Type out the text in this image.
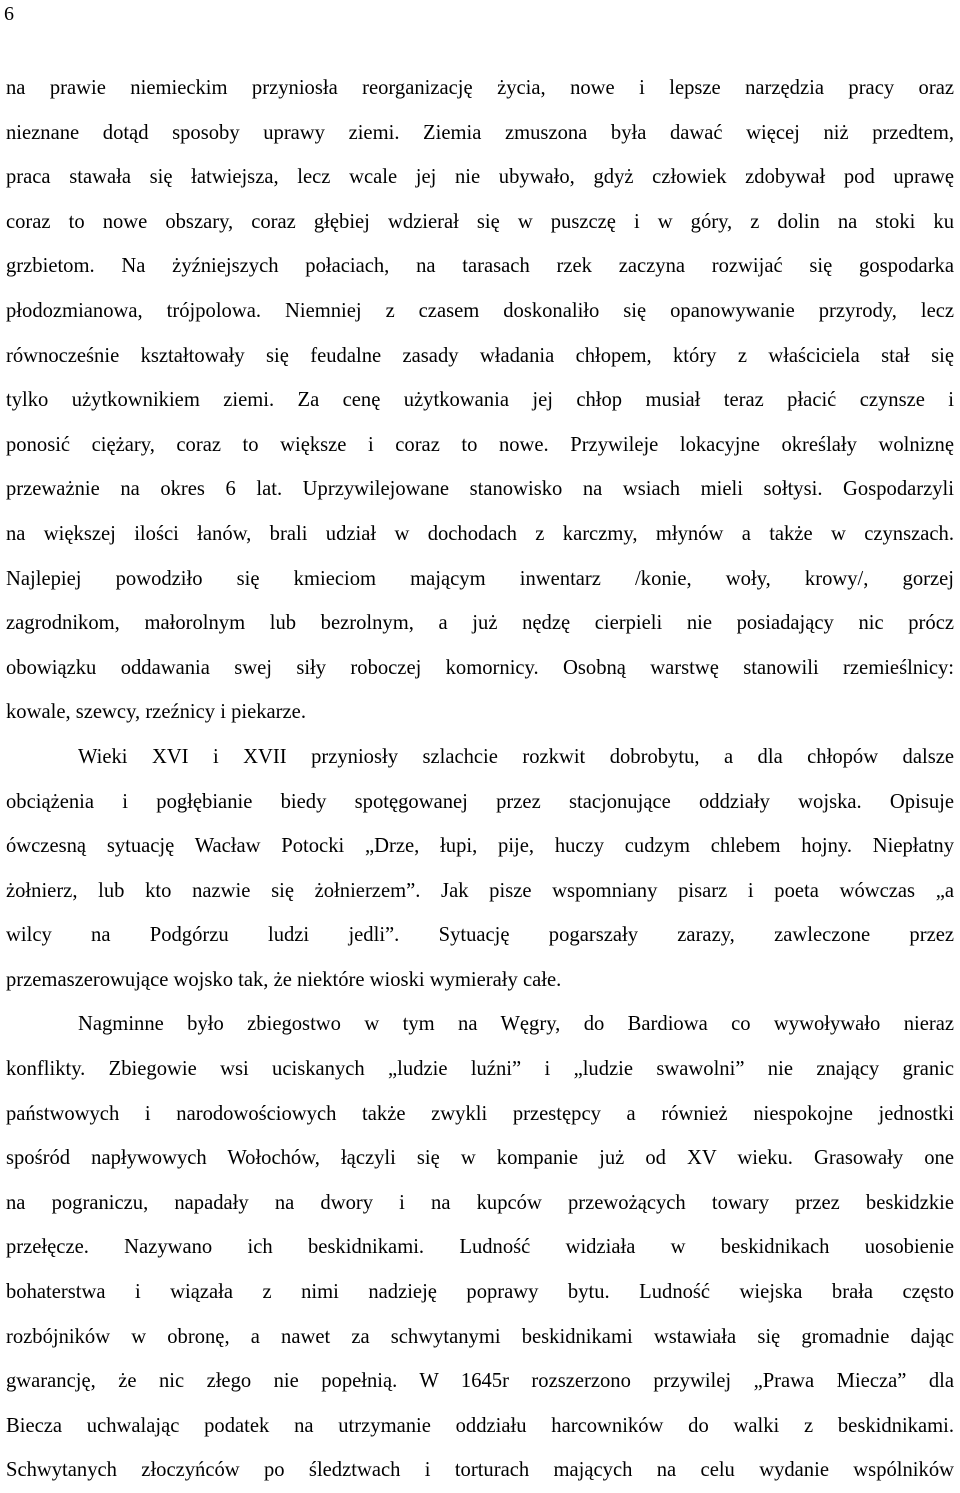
6
na prawie niemieckim przyniosła reorganizację życia, nowe i lepsze narzędzia pracy oraz
nieznane dotąd sposoby uprawy ziemi. Ziemia zmuszona była dawać więcej niż przedtem,
praca stawała się łatwiejsza, lecz wcale jej nie ubywało, gdyż człowiek zdobywał pod uprawę
coraz to nowe obszary, coraz głębiej wdzierał się w puszczę i w góry, z dolin na stoki ku
grzbietom. Na żyźniejszych połaciach, na tarasach rzek zaczyna rozwijać się gospodarka
płodozmianowa, trójpolowa. Niemniej z czasem doskonaliło się opanowywanie przyrody, lecz
równocześnie kształtowały się feudalne zasady władania chłopem, który z właściciela stał się
tylko użytkownikiem ziemi. Za cenę użytkowania jej chłop musiał teraz płacić czynsze i
ponosić ciężary, coraz to większe i coraz to nowe. Przywileje lokacyjne określały wolniznę
przeważnie na okres 6 lat. Uprzywilejowane stanowisko na wsiach mieli sołtysi. Gospodarzyli
na większej ilości łanów, brali udział w dochodach z karczmy, młynów a także w czynszach.
Najlepiej powodziło się kmieciom mającym inwentarz /konie, woły, krowy/, gorzej
zagrodnikom, małorolnym lub bezrolnym, a już nędzę cierpieli nie posiadający nic prócz
obowiązku oddawania swej siły roboczej komornicy. Osobną warstwę stanowili rzemieślnicy:
kowale, szewcy, rzeźnicy i piekarze.
Wieki XVI i XVII przyniosły szlachcie rozkwit dobrobytu, a dla chłopów dalsze
obciążenia i pogłębianie biedy spotęgowanej przez stacjonujące oddziały wojska. Opisuje
ówczesną sytuację Wacław Potocki „Drze, łupi, pije, huczy cudzym chlebem hojny. Niepłatny
żołnierz, lub kto nazwie się żołnierzem”. Jak pisze wspomniany pisarz i poeta wówczas „a
wilcy na Podgórzu ludzi jedli”. Sytuację pogarszały zarazy, zawleczone przez
przemaszerowujące wojsko tak, że niektóre wioski wymierały całe.
Nagminne było zbiegostwo w tym na Węgry, do Bardiowa co wywoływało nieraz
konflikty. Zbiegowie wsi uciskanych „ludzie luźni” i „ludzie swawolni” nie znający granic
państwowych i narodowościowych także zwykli przestępcy a również niespokojne jednostki
spośród napływowych Wołochów, łączyli się w kompanie już od XV wieku. Grasowały one
na pograniczu, napadały na dwory i na kupców przewożących towary przez beskidzkie
przełęcze. Nazywano ich beskidnikami. Ludność widziała w beskidnikach uosobienie
bohaterstwa i wiązała z nimi nadzieję poprawy bytu. Ludność wiejska brała często
rozbójników w obronę, a nawet za schwytanymi beskidnikami wstawiała się gromadnie dając
gwarancję, że nic złego nie popełnią. W 1645r rozszerzono przywilej „Prawa Miecza” dla
Biecza uchwalając podatek na utrzymanie oddziału harcowników do walki z beskidnikami.
Schwytanych złoczyńców po śledztwach i torturach mających na celu wydanie wspólników
